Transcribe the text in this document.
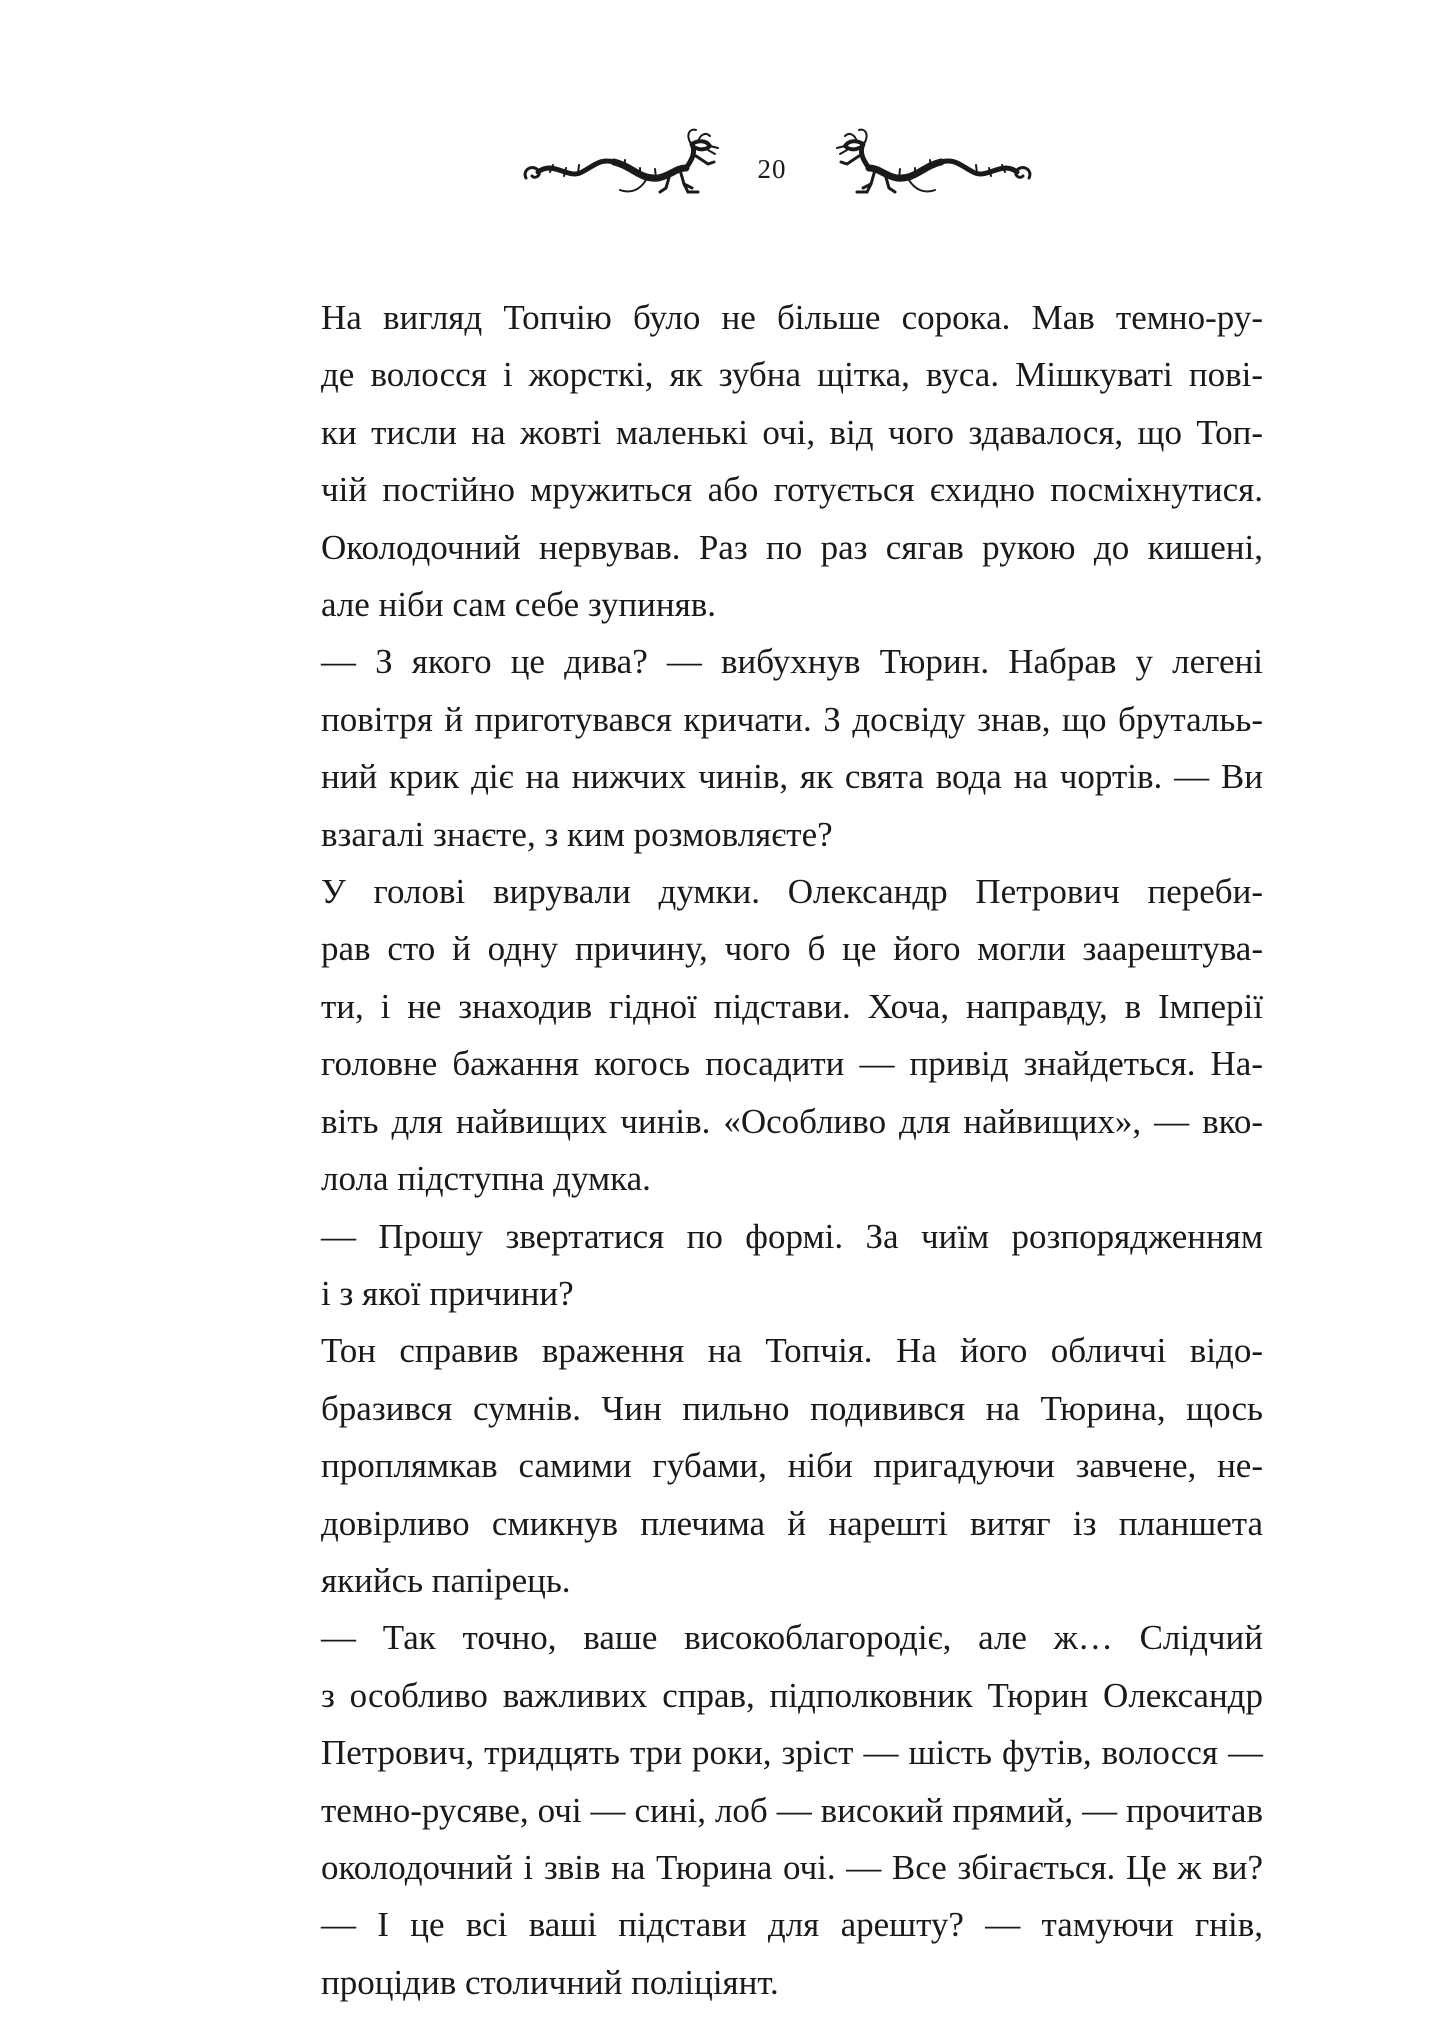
20

На вигляд Топчію було не більше сорока. Мав темно-ру-
де волосся і жорсткі, як зубна щітка, вуса. Мішкуваті пові-
ки тисли на жовті маленькі очі, від чого здавалося, що Топ-
чій постійно мружиться або готується єхидно посміхнутися.
Околодочний нервував. Раз по раз сягав рукою до кишені,
але ніби сам себе зупиняв.

— З якого це дива? — вибухнув Тюрин. Набрав у легені
повітря й приготувався кричати. З досвіду знав, що брутальь-
ний крик діє на нижчих чинів, як свята вода на чортів. — Ви
взагалі знаєте, з ким розмовляєте?

У голові вирували думки. Олександр Петрович переби-
рав сто й одну причину, чого б це його могли заарештува-
ти, і не знаходив гідної підстави. Хоча, направду, в Імперії
головне бажання когось посадити — привід знайдеться. На-
віть для найвищих чинів. «Особливо для найвищих», — вко-
лола підступна думка.

— Прошу звертатися по формі. За чиїм розпорядженням
і з якої причини?

Тон справив враження на Топчія. На його обличчі відо-
бразився сумнів. Чин пильно подивився на Тюрина, щось
проплямкав самими губами, ніби пригадуючи завчене, не-
довірливо смикнув плечима й нарешті витяг із планшета
якийсь папірець.

— Так точно, ваше високоблагородіє, але ж… Слідчий
з особливо важливих справ, підполковник Тюрин Олександр
Петрович, тридцять три роки, зріст — шість футів, волосся —
темно-русяве, очі — сині, лоб — високий прямий, — прочитав
околодочний і звів на Тюрина очі. — Все збігається. Це ж ви?

— І це всі ваші підстави для арешту? — тамуючи гнів,
процідив столичний поліціянт.
